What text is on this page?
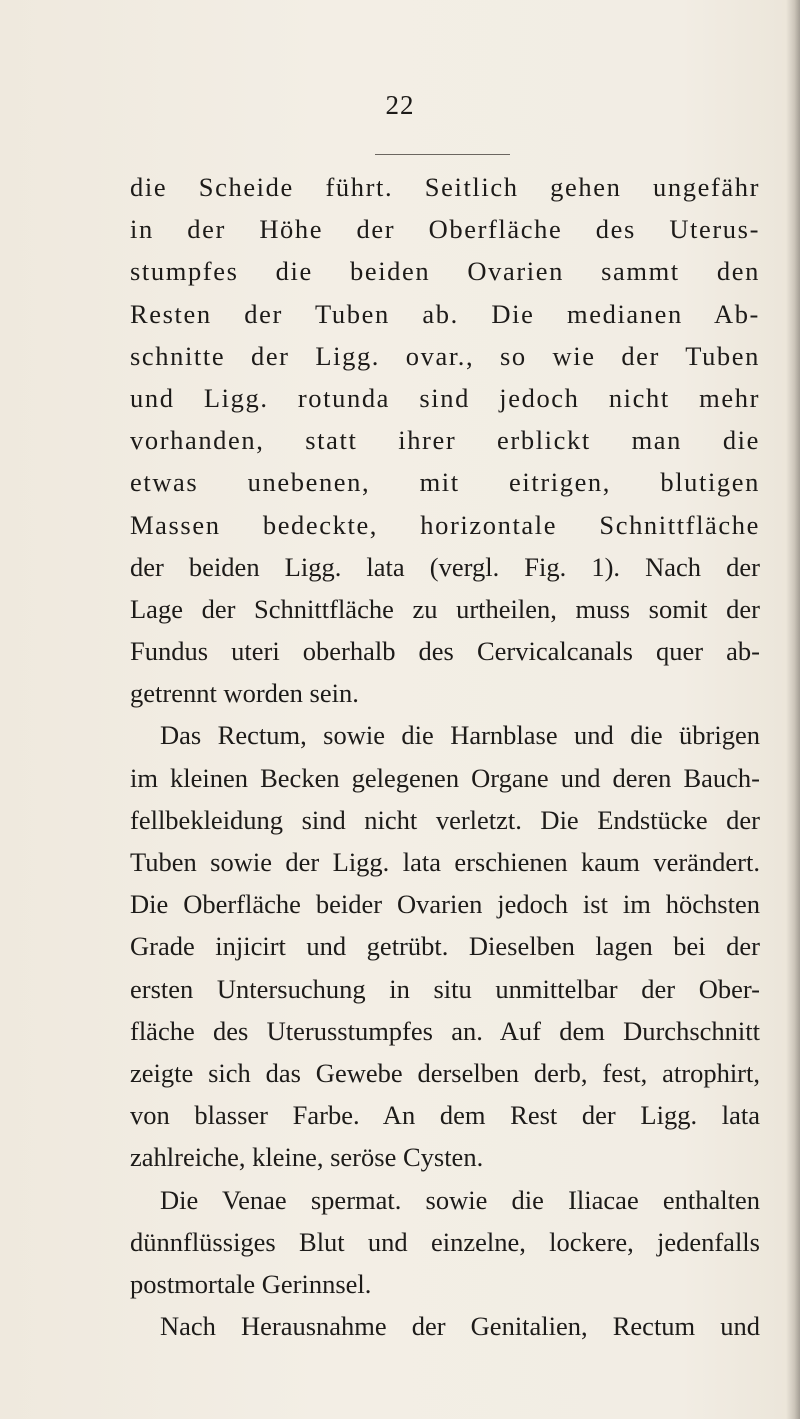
22
die Scheide führt. Seitlich gehen ungefähr
in der Höhe der Oberfläche des Uterus-
stumpfes die beiden Ovarien sammt den
Resten der Tuben ab. Die medianen Ab-
schnitte der Ligg. ovar., so wie der Tuben
und Ligg. rotunda sind jedoch nicht mehr
vorhanden, statt ihrer erblickt man die
etwas unebenen, mit eitrigen, blutigen
Massen bedeckte, horizontale Schnittfläche
der beiden Ligg. lata (vergl. Fig. 1). Nach der
Lage der Schnittfläche zu urtheilen, muss somit der
Fundus uteri oberhalb des Cervicalcanals quer ab-
getrennt worden sein.
Das Rectum, sowie die Harnblase und die übrigen
im kleinen Becken gelegenen Organe und deren Bauch-
fellbekleidung sind nicht verletzt. Die Endstücke der
Tuben sowie der Ligg. lata erschienen kaum verändert.
Die Oberfläche beider Ovarien jedoch ist im höchsten
Grade injicirt und getrübt. Dieselben lagen bei der
ersten Untersuchung in situ unmittelbar der Ober-
fläche des Uterusstumpfes an. Auf dem Durchschnitt
zeigte sich das Gewebe derselben derb, fest, atrophirt,
von blasser Farbe. An dem Rest der Ligg. lata
zahlreiche, kleine, seröse Cysten.
Die Venae spermat. sowie die Iliacae enthalten
dünnflüssiges Blut und einzelne, lockere, jedenfalls
postmortale Gerinnsel.
Nach Herausnahme der Genitalien, Rectum und
